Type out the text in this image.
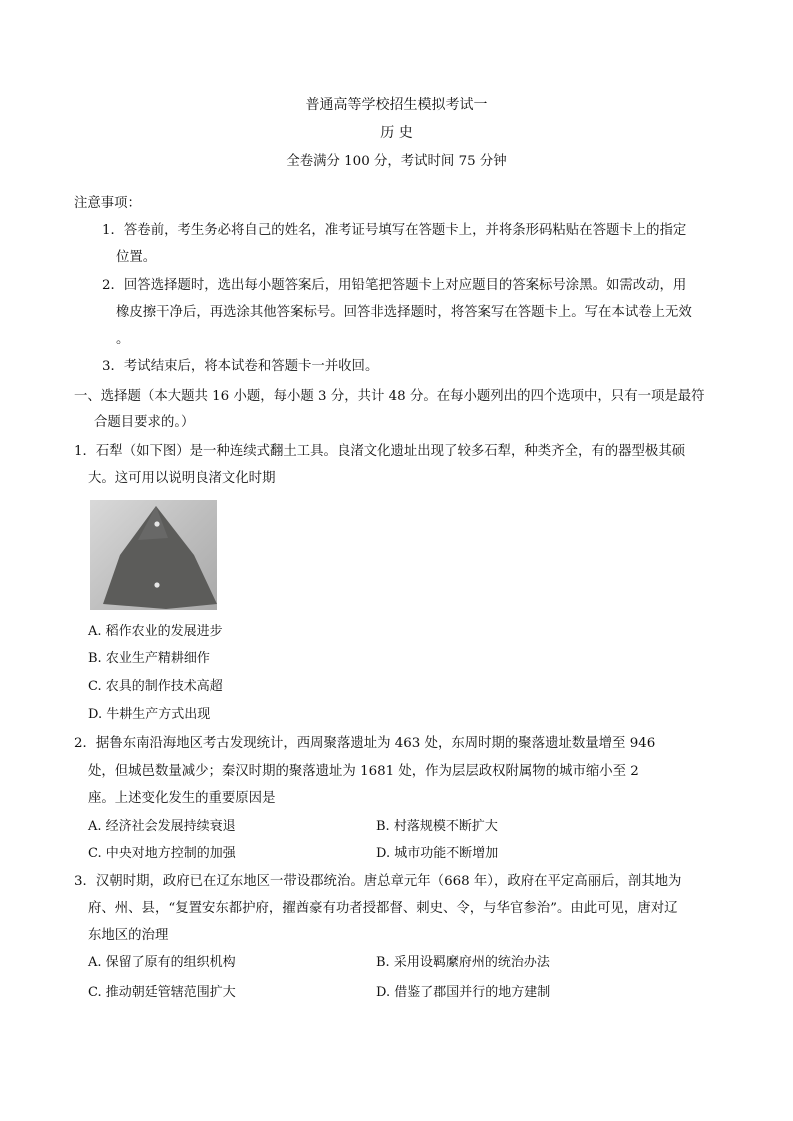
普通高等学校招生模拟考试一
历 史
全卷满分 100 分，考试时间 75 分钟
注意事项：
1．答卷前，考生务必将自己的姓名，准考证号填写在答题卡上，并将条形码粘贴在答题卡上的指定
位置。
2．回答选择题时，选出每小题答案后，用铅笔把答题卡上对应题目的答案标号涂黑。如需改动，用
橡皮擦干净后，再选涂其他答案标号。回答非选择题时，将答案写在答题卡上。写在本试卷上无效
。
3．考试结束后，将本试卷和答题卡一并收回。
一、选择题（本大题共 16 小题，每小题 3 分，共计 48 分。在每小题列出的四个选项中，只有一项是最符
合题目要求的。）
1．石犁（如下图）是一种连续式翻土工具。良渚文化遗址出现了较多石犁，种类齐全，有的器型极其硕
大。这可用以说明良渚文化时期
A. 稻作农业的发展进步
B. 农业生产精耕细作
C. 农具的制作技术高超
D. 牛耕生产方式出现
2．据鲁东南沿海地区考古发现统计，西周聚落遗址为 463 处，东周时期的聚落遗址数量增至 946
处，但城邑数量减少；秦汉时期的聚落遗址为 1681 处，作为层层政权附属物的城市缩小至 2
座。上述变化发生的重要原因是
A. 经济社会发展持续衰退	B. 村落规模不断扩大
C. 中央对地方控制的加强	D. 城市功能不断增加
3．汉朝时期，政府已在辽东地区一带设郡统治。唐总章元年（668 年），政府在平定高丽后，剖其地为
府、州、县，“复置安东都护府，擢酋豪有功者授都督、刺史、令，与华官参治”。由此可见，唐对辽
东地区的治理
A. 保留了原有的组织机构	B. 采用设羁縻府州的统治办法
C. 推动朝廷管辖范围扩大	D. 借鉴了郡国并行的地方建制
